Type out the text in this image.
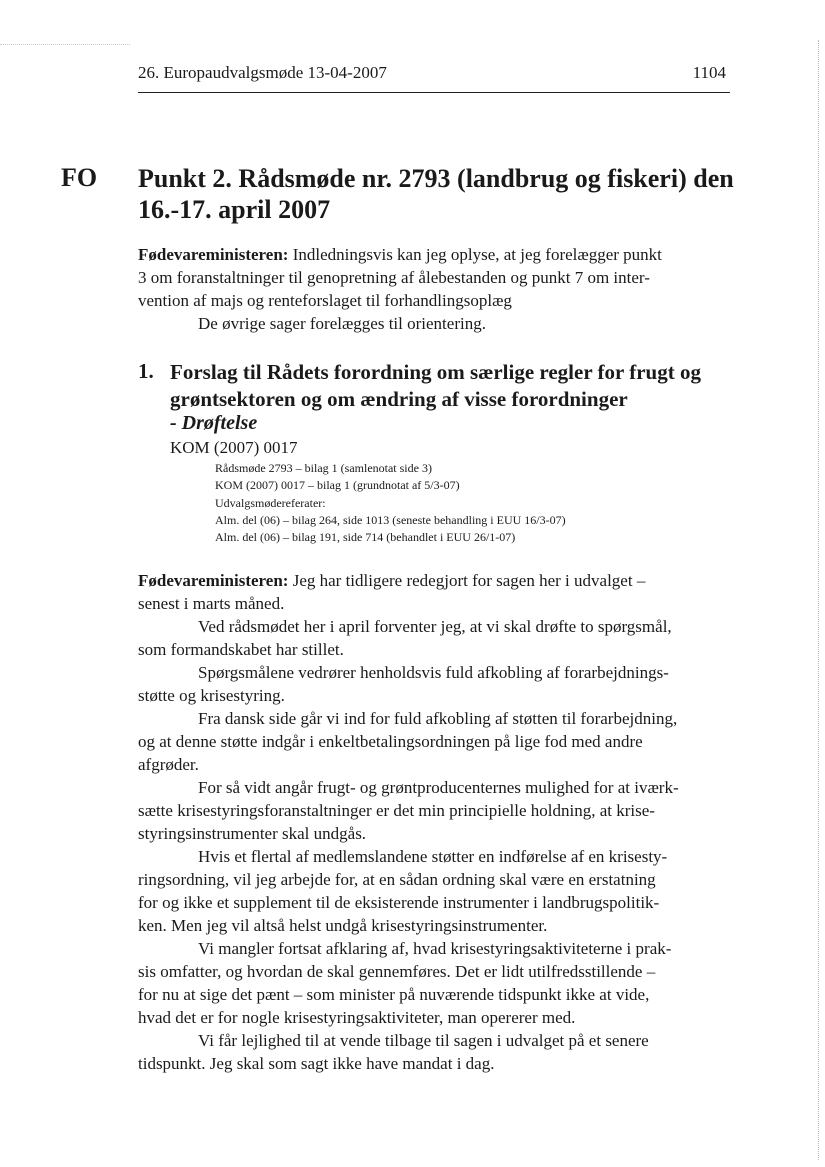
26. Europaudvalgsmøde 13-04-2007	1104
FO Punkt 2. Rådsmøde nr. 2793 (landbrug og fiskeri) den
16.-17. april 2007
Fødevareministeren: Indledningsvis kan jeg oplyse, at jeg forelægger punkt
3 om foranstaltninger til genopretning af ålebestanden og punkt 7 om inter-
vention af majs og renteforslaget til forhandlingsoplæg

De øvrige sager forelægges til orientering.
1. Forslag til Rådets forordning om særlige regler for frugt og
grøntsektoren og om ændring af visse forordninger
- Drøftelse
KOM (2007) 0017
Rådsmøde 2793 – bilag 1 (samlenotat side 3)
KOM (2007) 0017 – bilag 1 (grundnotat af 5/3-07)
Udvalgsmødereferater:
Alm. del (06) – bilag 264, side 1013 (seneste behandling i EUU 16/3-07)
Alm. del (06) – bilag 191, side 714 (behandlet i EUU 26/1-07)
Fødevareministeren: Jeg har tidligere redegjort for sagen her i udvalget –
senest i marts måned.

Ved rådsmødet her i april forventer jeg, at vi skal drøfte to spørgsmål,
som formandskabet har stillet.

Spørgsmålene vedrører henholdsvis fuld afkobling af forarbejdnings-
støtte og krisestyring.

Fra dansk side går vi ind for fuld afkobling af støtten til forarbejdning,
og at denne støtte indgår i enkeltbetalingsordningen på lige fod med andre
afgrøder.

For så vidt angår frugt- og grøntproducenternes mulighed for at iværk-
sætte krisestyringsforanstaltninger er det min principielle holdning, at krise-
styringsinstrumenter skal undgås.

Hvis et flertal af medlemslandene støtter en indførelse af en krisesty-
ringsordning, vil jeg arbejde for, at en sådan ordning skal være en erstatning
for og ikke et supplement til de eksisterende instrumenter i landbrugspolitik-
ken. Men jeg vil altså helst undgå krisestyringsinstrumenter.

Vi mangler fortsat afklaring af, hvad krisestyringsaktiviteterne i prak-
sis omfatter, og hvordan de skal gennemføres. Det er lidt utilfredsstillende –
for nu at sige det pænt – som minister på nuværende tidspunkt ikke at vide,
hvad det er for nogle krisestyringsaktiviteter, man opererer med.

Vi får lejlighed til at vende tilbage til sagen i udvalget på et senere
tidspunkt. Jeg skal som sagt ikke have mandat i dag.
